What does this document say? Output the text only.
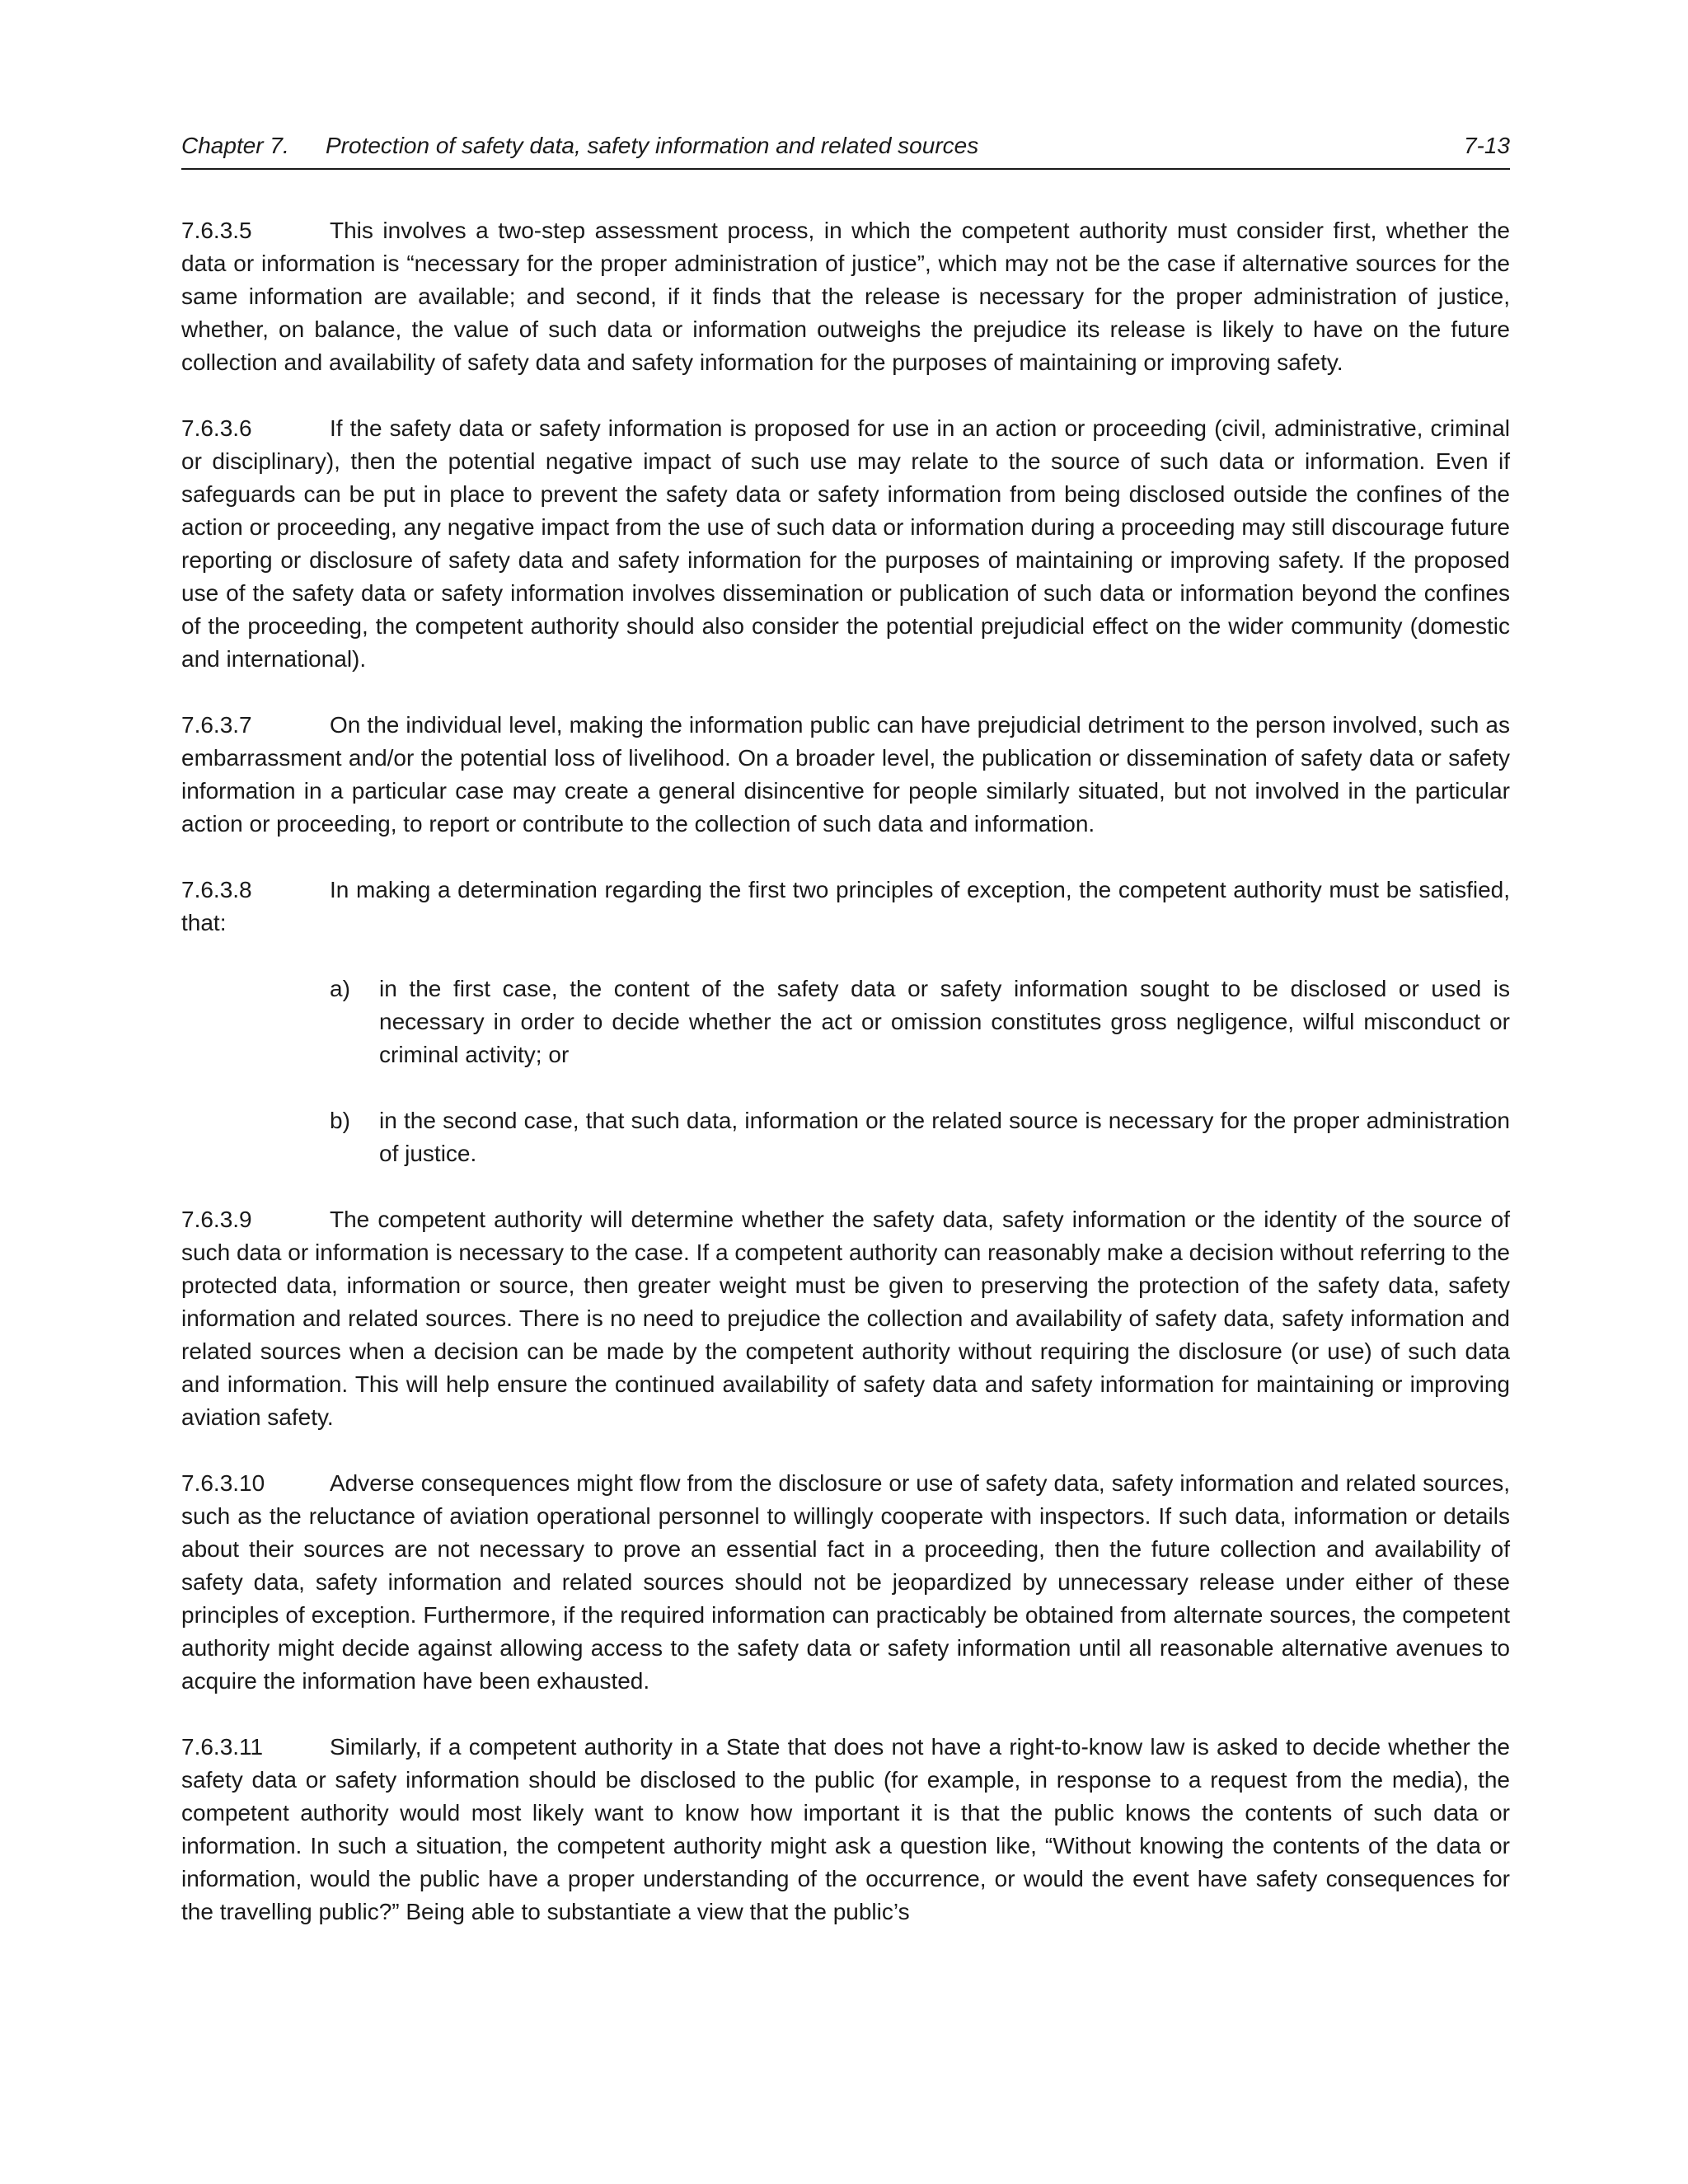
Chapter 7. Protection of safety data, safety information and related sources	7-13

7.6.3.5	This involves a two-step assessment process, in which the competent authority must consider first, whether the data or information is “necessary for the proper administration of justice”, which may not be the case if alternative sources for the same information are available; and second, if it finds that the release is necessary for the proper administration of justice, whether, on balance, the value of such data or information outweighs the prejudice its release is likely to have on the future collection and availability of safety data and safety information for the purposes of maintaining or improving safety.

7.6.3.6	If the safety data or safety information is proposed for use in an action or proceeding (civil, administrative, criminal or disciplinary), then the potential negative impact of such use may relate to the source of such data or information. Even if safeguards can be put in place to prevent the safety data or safety information from being disclosed outside the confines of the action or proceeding, any negative impact from the use of such data or information during a proceeding may still discourage future reporting or disclosure of safety data and safety information for the purposes of maintaining or improving safety. If the proposed use of the safety data or safety information involves dissemination or publication of such data or information beyond the confines of the proceeding, the competent authority should also consider the potential prejudicial effect on the wider community (domestic and international).

7.6.3.7	On the individual level, making the information public can have prejudicial detriment to the person involved, such as embarrassment and/or the potential loss of livelihood. On a broader level, the publication or dissemination of safety data or safety information in a particular case may create a general disincentive for people similarly situated, but not involved in the particular action or proceeding, to report or contribute to the collection of such data and information.

7.6.3.8	In making a determination regarding the first two principles of exception, the competent authority must be satisfied, that:

a)	in the first case, the content of the safety data or safety information sought to be disclosed or used is necessary in order to decide whether the act or omission constitutes gross negligence, wilful misconduct or criminal activity; or
b)	in the second case, that such data, information or the related source is necessary for the proper administration of justice.

7.6.3.9	The competent authority will determine whether the safety data, safety information or the identity of the source of such data or information is necessary to the case. If a competent authority can reasonably make a decision without referring to the protected data, information or source, then greater weight must be given to preserving the protection of the safety data, safety information and related sources. There is no need to prejudice the collection and availability of safety data, safety information and related sources when a decision can be made by the competent authority without requiring the disclosure (or use) of such data and information. This will help ensure the continued availability of safety data and safety information for maintaining or improving aviation safety.

7.6.3.10	Adverse consequences might flow from the disclosure or use of safety data, safety information and related sources, such as the reluctance of aviation operational personnel to willingly cooperate with inspectors. If such data, information or details about their sources are not necessary to prove an essential fact in a proceeding, then the future collection and availability of safety data, safety information and related sources should not be jeopardized by unnecessary release under either of these principles of exception. Furthermore, if the required information can practicably be obtained from alternate sources, the competent authority might decide against allowing access to the safety data or safety information until all reasonable alternative avenues to acquire the information have been exhausted.

7.6.3.11	Similarly, if a competent authority in a State that does not have a right-to-know law is asked to decide whether the safety data or safety information should be disclosed to the public (for example, in response to a request from the media), the competent authority would most likely want to know how important it is that the public knows the contents of such data or information. In such a situation, the competent authority might ask a question like, “Without knowing the contents of the data or information, would the public have a proper understanding of the occurrence, or would the event have safety consequences for the travelling public?” Being able to substantiate a view that the public’s
